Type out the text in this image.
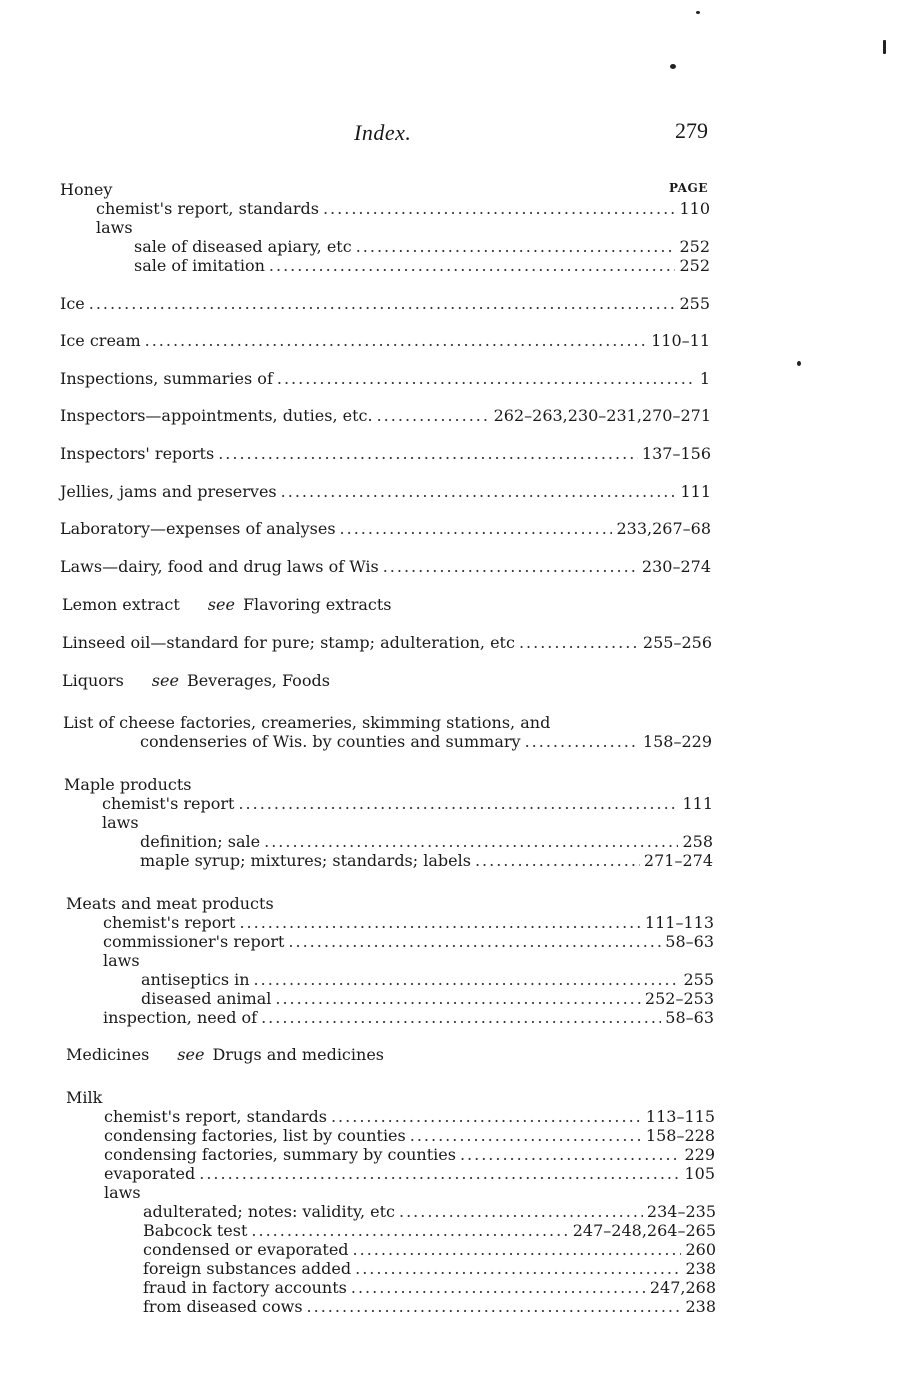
Index.	279
PAGE
Honey
chemist's report, standards .....	110
laws
sale of diseased apiary, etc .....	252
sale of imitation .....	252
Ice .....	255
Ice cream .....	110–11
Inspections, summaries of .....	1
Inspectors—appointments, duties, etc. .....	262–263,230–231,270–271
Inspectors' reports .....	137–156
Jellies, jams and preserves .....	111
Laboratory—expenses of analyses .....	233,267–68
Laws—dairy, food and drug laws of Wis .....	230–274
Lemon extract see Flavoring extracts
Linseed oil—standard for pure; stamp; adulteration, etc .....	255–256
Liquors see Beverages, Foods
List of cheese factories, creameries, skimming stations, and
condenseries of Wis. by counties and summary .....	158–229
Maple products
chemist's report .....	111
laws
definition; sale .....	258
maple syrup; mixtures; standards; labels .....	271–274
Meats and meat products
chemist's report .....	111–113
commissioner's report .....	58–63
laws
antiseptics in .....	255
diseased animal .....	252–253
inspection, need of .....	58–63
Medicines see Drugs and medicines
Milk
chemist's report, standards .....	113–115
condensing factories, list by counties .....	158–228
condensing factories, summary by counties .....	229
evaporated .....	105
laws
adulterated; notes: validity, etc .....	234–235
Babcock test .....	247–248,264–265
condensed or evaporated .....	260
foreign substances added .....	238
fraud in factory accounts .....	247,268
from diseased cows .....	238
